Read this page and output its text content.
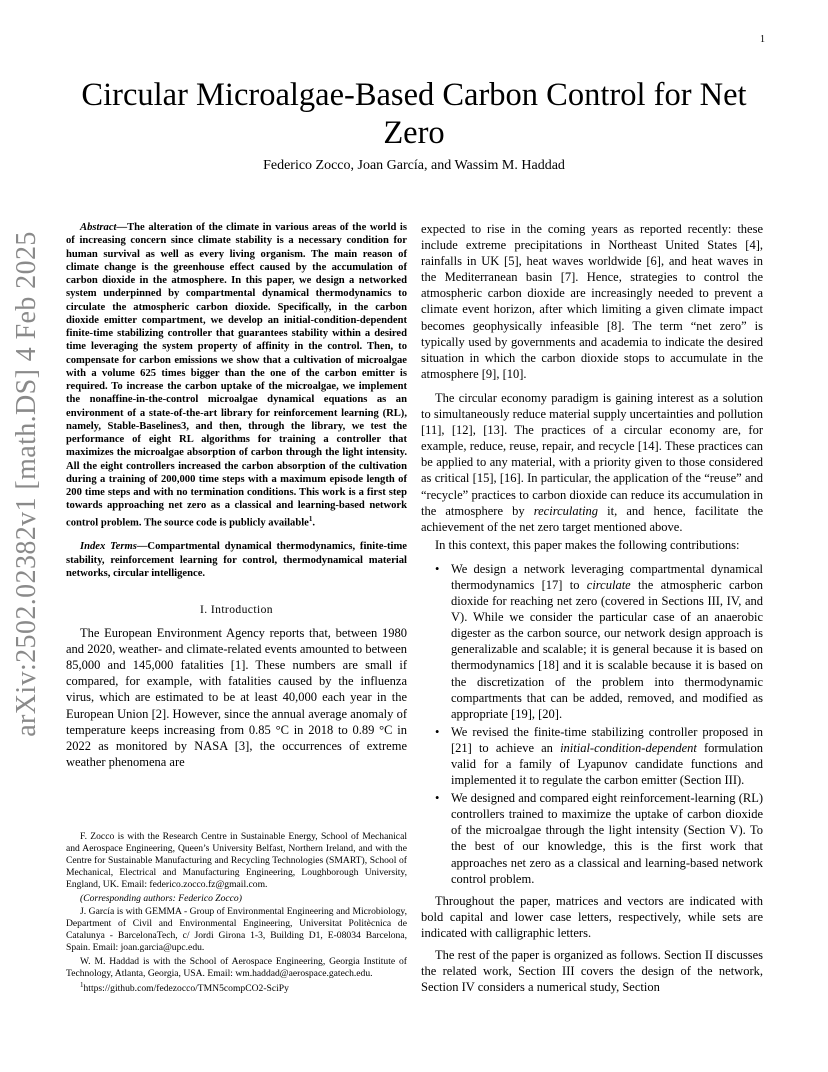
1
arXiv:2502.02382v1 [math.DS] 4 Feb 2025
Circular Microalgae-Based Carbon Control for Net Zero
Federico Zocco, Joan García, and Wassim M. Haddad

Abstract—The alteration of the climate in various areas of the world is of increasing concern since climate stability is a necessary condition for human survival as well as every living organism. The main reason of climate change is the greenhouse effect caused by the accumulation of carbon dioxide in the atmosphere. In this paper, we design a networked system underpinned by compartmental dynamical thermodynamics to circulate the atmospheric carbon dioxide. Specifically, in the carbon dioxide emitter compartment, we develop an initial-condition-dependent finite-time stabilizing controller that guarantees stability within a desired time leveraging the system property of affinity in the control. Then, to compensate for carbon emissions we show that a cultivation of microalgae with a volume 625 times bigger than the one of the carbon emitter is required. To increase the carbon uptake of the microalgae, we implement the nonaffine-in-the-control microalgae dynamical equations as an environment of a state-of-the-art library for reinforcement learning (RL), namely, Stable-Baselines3, and then, through the library, we test the performance of eight RL algorithms for training a controller that maximizes the microalgae absorption of carbon through the light intensity. All the eight controllers increased the carbon absorption of the cultivation during a training of 200,000 time steps with a maximum episode length of 200 time steps and with no termination conditions. This work is a first step towards approaching net zero as a classical and learning-based network control problem. The source code is publicly available$^1$.

Index Terms—Compartmental dynamical thermodynamics, finite-time stability, reinforcement learning for control, thermodynamical material networks, circular intelligence.

I. Introduction

The European Environment Agency reports that, between 1980 and 2020, weather- and climate-related events amounted to between 85,000 and 145,000 fatalities [1]. These numbers are small if compared, for example, with fatalities caused by the influenza virus, which are estimated to be at least 40,000 each year in the European Union [2]. However, since the annual average anomaly of temperature keeps increasing from 0.85 °C in 2018 to 0.89 °C in 2022 as monitored by NASA [3], the occurrences of extreme weather phenomena are

F. Zocco is with the Research Centre in Sustainable Energy, School of Mechanical and Aerospace Engineering, Queen’s University Belfast, Northern Ireland, and with the Centre for Sustainable Manufacturing and Recycling Technologies (SMART), School of Mechanical, Electrical and Manufacturing Engineering, Loughborough University, England, UK. Email: federico.zocco.fz@gmail.com.

(Corresponding authors: Federico Zocco)

J. García is with GEMMA - Group of Environmental Engineering and Microbiology, Department of Civil and Environmental Engineering, Universitat Politècnica de Catalunya - BarcelonaTech, c/ Jordi Girona 1-3, Building D1, E-08034 Barcelona, Spain. Email: joan.garcia@upc.edu.

W. M. Haddad is with the School of Aerospace Engineering, Georgia Institute of Technology, Atlanta, Georgia, USA. Email: wm.haddad@aerospace.gatech.edu.

$^1$https://github.com/fedezocco/TMN5compCO2-SciPy

expected to rise in the coming years as reported recently: these include extreme precipitations in Northeast United States [4], rainfalls in UK [5], heat waves worldwide [6], and heat waves in the Mediterranean basin [7]. Hence, strategies to control the atmospheric carbon dioxide are increasingly needed to prevent a climate event horizon, after which limiting a given climate impact becomes geophysically infeasible [8]. The term “net zero” is typically used by governments and academia to indicate the desired situation in which the carbon dioxide stops to accumulate in the atmosphere [9], [10].

The circular economy paradigm is gaining interest as a solution to simultaneously reduce material supply uncertainties and pollution [11], [12], [13]. The practices of a circular economy are, for example, reduce, reuse, repair, and recycle [14]. These practices can be applied to any material, with a priority given to those considered as critical [15], [16]. In particular, the application of the “reuse” and “recycle” practices to carbon dioxide can reduce its accumulation in the atmosphere by recirculating it, and hence, facilitate the achievement of the net zero target mentioned above.

In this context, this paper makes the following contributions:

• We design a network leveraging compartmental dynamical thermodynamics [17] to circulate the atmospheric carbon dioxide for reaching net zero (covered in Sections III, IV, and V). While we consider the particular case of an anaerobic digester as the carbon source, our network design approach is generalizable and scalable; it is general because it is based on thermodynamics [18] and it is scalable because it is based on the discretization of the problem into thermodynamic compartments that can be added, removed, and modified as appropriate [19], [20].
• We revised the finite-time stabilizing controller proposed in [21] to achieve an initial-condition-dependent formulation valid for a family of Lyapunov candidate functions and implemented it to regulate the carbon emitter (Section III).
• We designed and compared eight reinforcement-learning (RL) controllers trained to maximize the uptake of carbon dioxide of the microalgae through the light intensity (Section V). To the best of our knowledge, this is the first work that approaches net zero as a classical and learning-based network control problem.

Throughout the paper, matrices and vectors are indicated with bold capital and lower case letters, respectively, while sets are indicated with calligraphic letters.

The rest of the paper is organized as follows. Section II discusses the related work, Section III covers the design of the network, Section IV considers a numerical study, Section
